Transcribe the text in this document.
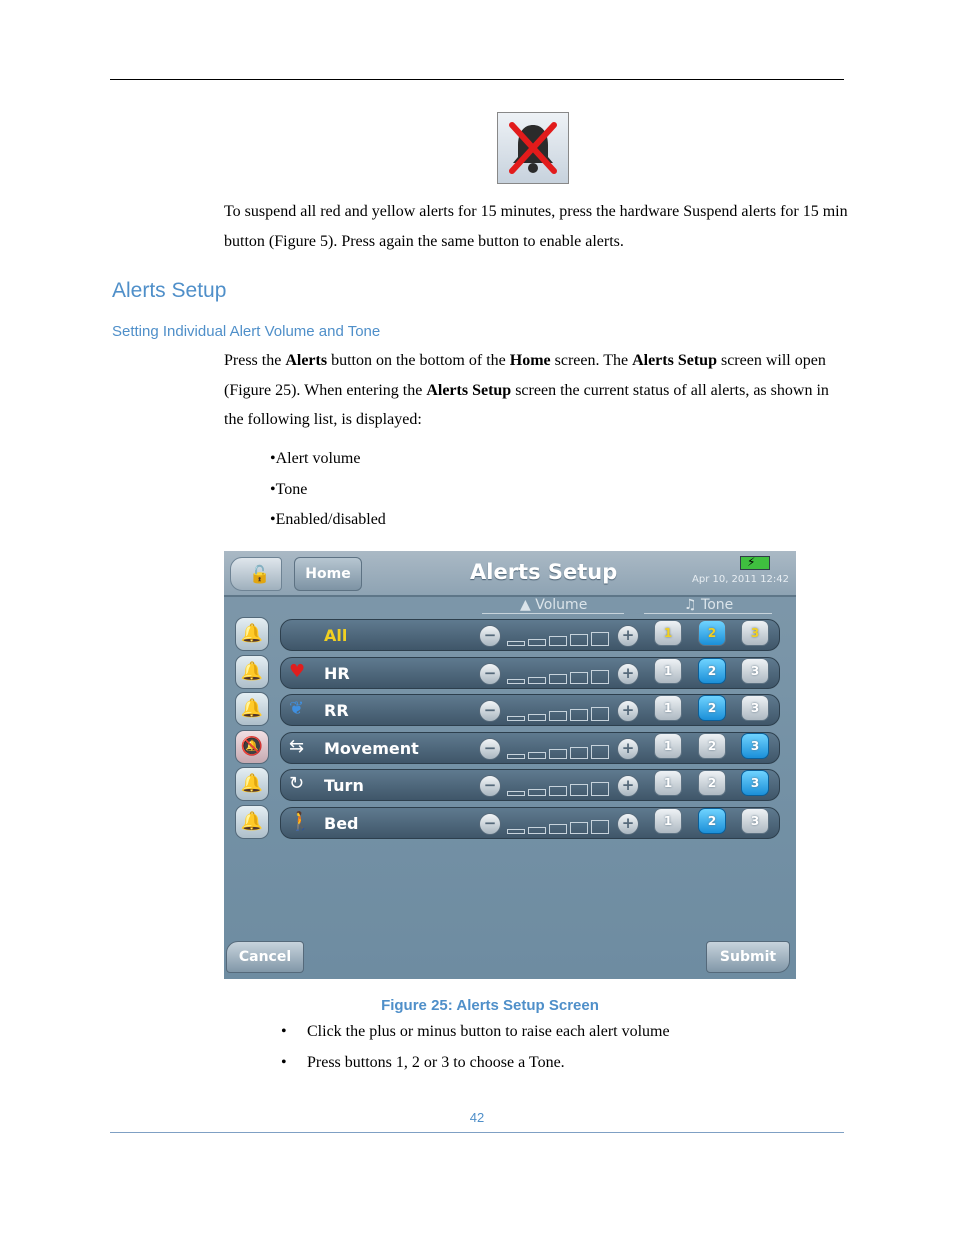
To suspend all red and yellow alerts for 15 minutes, press the hardware Suspend alerts for 15 min button (Figure 5). Press again the same button to enable alerts.
Alerts Setup
Setting Individual Alert Volume and Tone
Press the Alerts button on the bottom of the Home screen. The Alerts Setup screen will open (Figure 25). When entering the Alerts Setup screen the current status of all alerts, as shown in the following list, is displayed:
•Alert volume
•Tone
•Enabled/disabled
🔓	Home	Alerts Setup	⚡
Apr 10, 2011 12:42
▲ Volume	♫ Tone
🔔	All	−	+	1	2	3
🔔	♥ HR	−	+	1	2	3
🔔	❦ RR	−	+	1	2	3
🔕	⇆ Movement	−	+	1	2	3
🔔	↻ Turn	−	+	1	2	3
🔔	🚶 Bed	−	+	1	2	3
Cancel	Submit
Figure 25: Alerts Setup Screen
• Click the plus or minus button to raise each alert volume
• Press buttons 1, 2 or 3 to choose a Tone.
42
